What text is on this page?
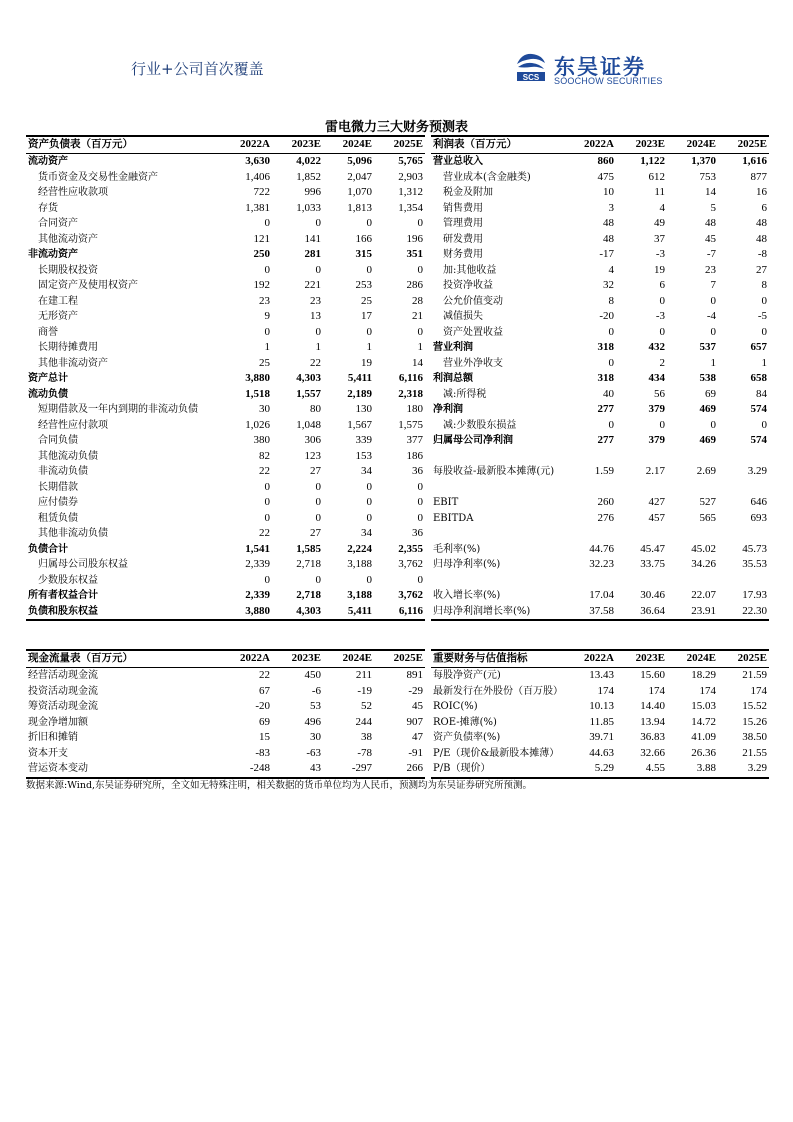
行业+公司首次覆盖	SCS 东吴证券
SOOCHOW SECURITIES
雷电微力三大财务预测表
资产负债表（百万元）	2022A	2023E	2024E	2025E
流动资产	3,630	4,022	5,096	5,765
货币资金及交易性金融资产	1,406	1,852	2,047	2,903
经营性应收款项	722	996	1,070	1,312
存货	1,381	1,033	1,813	1,354
合同资产	0	0	0	0
其他流动资产	121	141	166	196
非流动资产	250	281	315	351
长期股权投资	0	0	0	0
固定资产及使用权资产	192	221	253	286
在建工程	23	23	25	28
无形资产	9	13	17	21
商誉	0	0	0	0
长期待摊费用	1	1	1	1
其他非流动资产	25	22	19	14
资产总计	3,880	4,303	5,411	6,116
流动负债	1,518	1,557	2,189	2,318
短期借款及一年内到期的非流动负债	30	80	130	180
经营性应付款项	1,026	1,048	1,567	1,575
合同负债	380	306	339	377
其他流动负债	82	123	153	186
非流动负债	22	27	34	36
长期借款	0	0	0	0
应付债券	0	0	0	0
租赁负债	0	0	0	0
其他非流动负债	22	27	34	36
负债合计	1,541	1,585	2,224	2,355
归属母公司股东权益	2,339	2,718	3,188	3,762
少数股东权益	0	0	0	0
所有者权益合计	2,339	2,718	3,188	3,762
负债和股东权益	3,880	4,303	5,411	6,116
利润表（百万元）	2022A	2023E	2024E	2025E
营业总收入	860	1,122	1,370	1,616
营业成本(含金融类)	475	612	753	877
税金及附加	10	11	14	16
销售费用	3	4	5	6
管理费用	48	49	48	48
研发费用	48	37	45	48
财务费用	-17	-3	-7	-8
加:其他收益	4	19	23	27
投资净收益	32	6	7	8
公允价值变动	8	0	0	0
减值损失	-20	-3	-4	-5
资产处置收益	0	0	0	0
营业利润	318	432	537	657
营业外净收支	0	2	1	1
利润总额	318	434	538	658
减:所得税	40	56	69	84
净利润	277	379	469	574
减:少数股东损益	0	0	0	0
归属母公司净利润	277	379	469	574

每股收益-最新股本摊薄(元)	1.59	2.17	2.69	3.29

EBIT	260	427	527	646
EBITDA	276	457	565	693

毛利率(%)	44.76	45.47	45.02	45.73
归母净利率(%)	32.23	33.75	34.26	35.53

收入增长率(%)	17.04	30.46	22.07	17.93
归母净利润增长率(%)	37.58	36.64	23.91	22.30
现金流量表（百万元）	2022A	2023E	2024E	2025E
经营活动现金流	22	450	211	891
投资活动现金流	67	-6	-19	-29
筹资活动现金流	-20	53	52	45
现金净增加额	69	496	244	907
折旧和摊销	15	30	38	47
资本开支	-83	-63	-78	-91
营运资本变动	-248	43	-297	266
重要财务与估值指标	2022A	2023E	2024E	2025E
每股净资产(元)	13.43	15.60	18.29	21.59
最新发行在外股份（百万股）	174	174	174	174
ROIC(%)	10.13	14.40	15.03	15.52
ROE-摊薄(%)	11.85	13.94	14.72	15.26
资产负债率(%)	39.71	36.83	41.09	38.50
P/E（现价&最新股本摊薄）	44.63	32.66	26.36	21.55
P/B（现价）	5.29	4.55	3.88	3.29
数据来源:Wind,东吴证券研究所，全文如无特殊注明，相关数据的货币单位均为人民币，预测均为东吴证券研究所预测。
